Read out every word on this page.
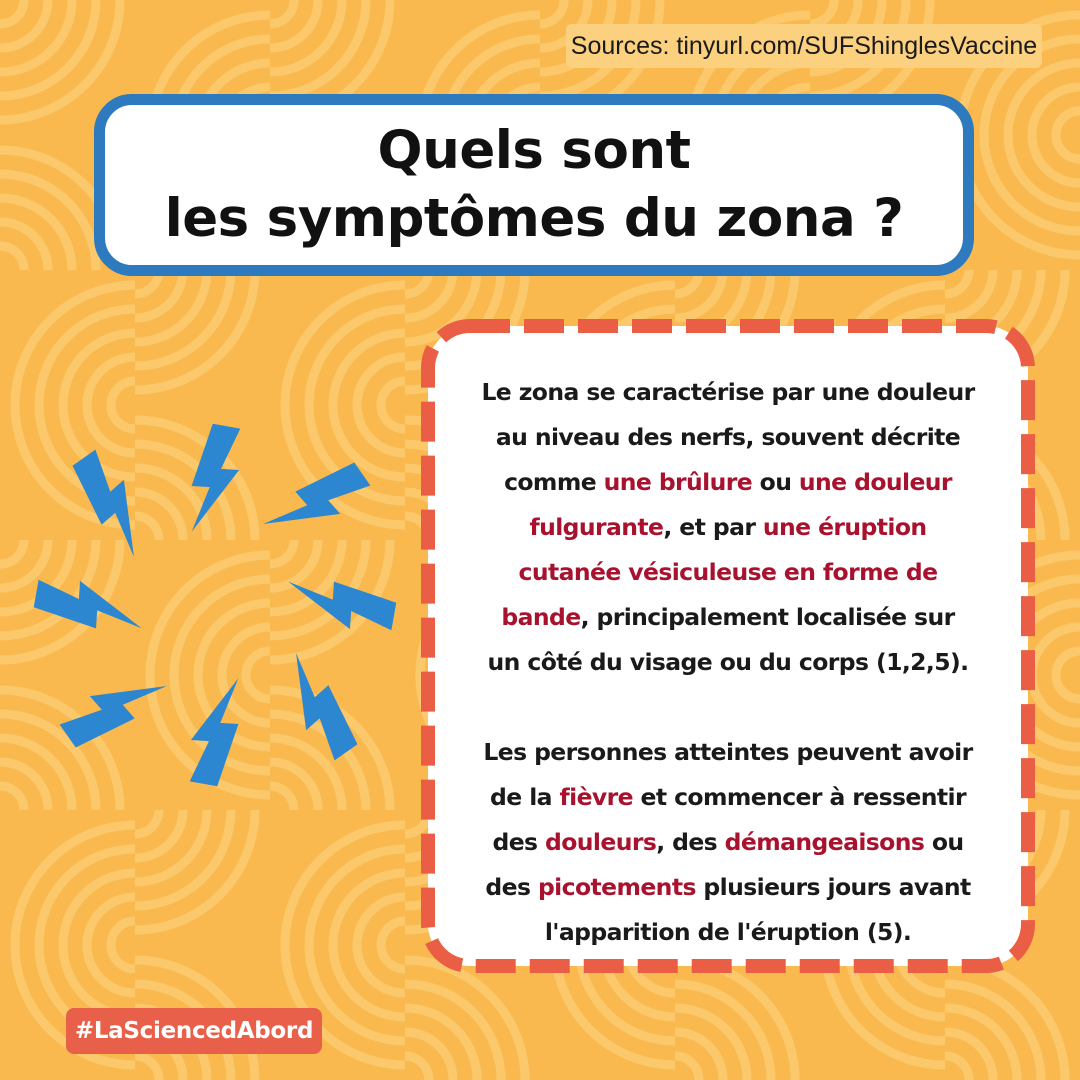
Sources: tinyurl.com/SUFShinglesVaccine
Quels sont
les symptômes du zona ?
Le zona se caractérise par une douleur
au niveau des nerfs, souvent décrite
comme une brûlure ou une douleur
fulgurante, et par une éruption
cutanée vésiculeuse en forme de
bande, principalement localisée sur
un côté du visage ou du corps (1,2,5).
Les personnes atteintes peuvent avoir
de la fièvre et commencer à ressentir
des douleurs, des démangeaisons ou
des picotements plusieurs jours avant
l'apparition de l'éruption (5).
#LaSciencedAbord
